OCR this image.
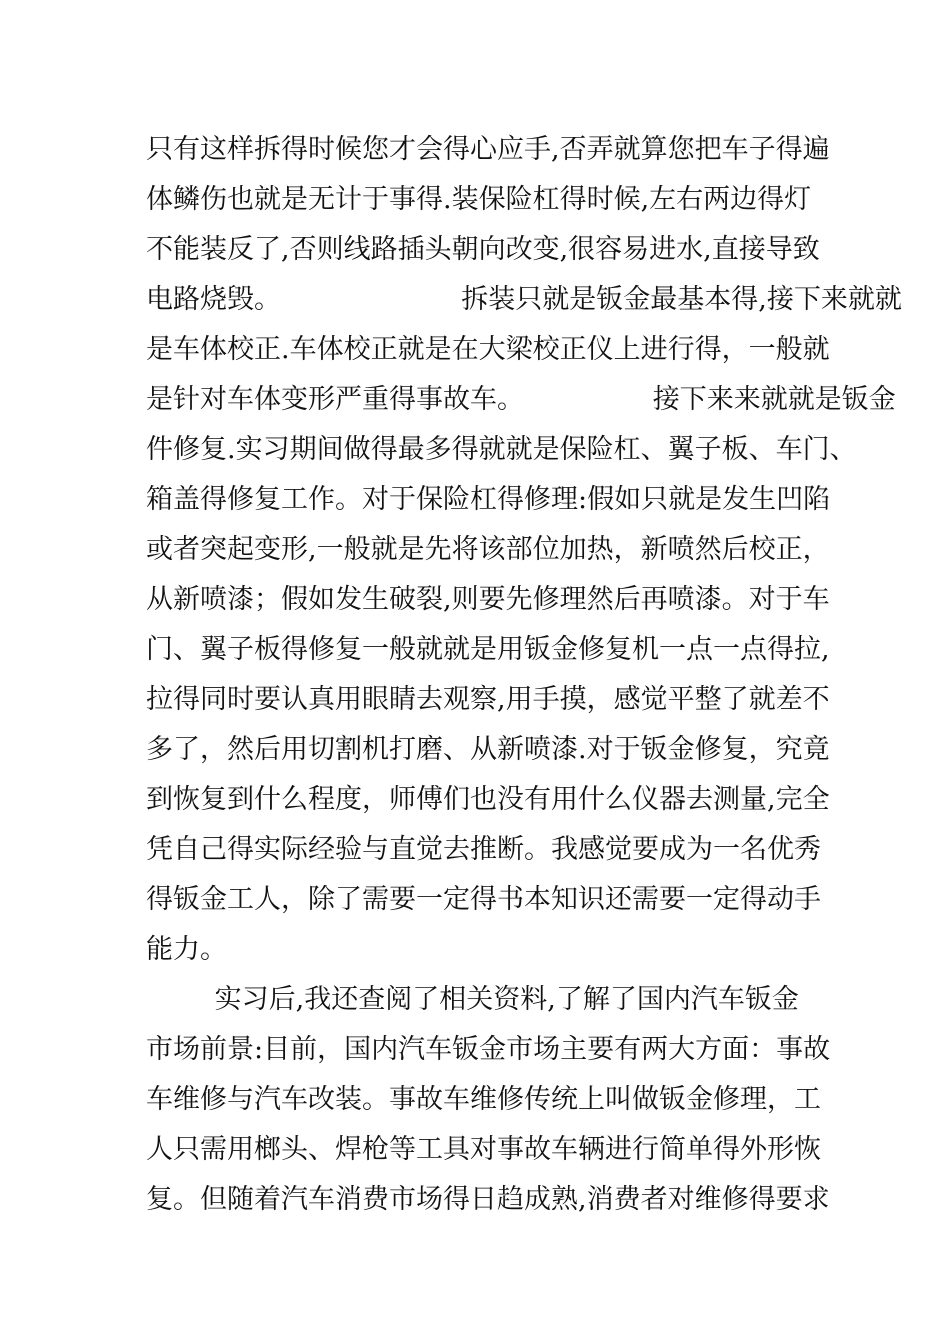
只有这样拆得时候您才会得心应手,否弄就算您把车子得遍
体鳞伤也就是无计于事得.装保险杠得时候,左右两边得灯
不能装反了,否则线路插头朝向改变,很容易进水,直接导致
电路烧毁。                     拆装只就是钣金最基本得,接下来就就
是车体校正.车体校正就是在大梁校正仪上进行得，一般就
是针对车体变形严重得事故车。               接下来来就就是钣金
件修复.实习期间做得最多得就就是保险杠、翼子板、车门、
箱盖得修复工作。对于保险杠得修理:假如只就是发生凹陷
或者突起变形,一般就是先将该部位加热，新喷然后校正，
从新喷漆；假如发生破裂,则要先修理然后再喷漆。对于车
门、翼子板得修复一般就就是用钣金修复机一点一点得拉,
拉得同时要认真用眼睛去观察,用手摸，感觉平整了就差不
多了，然后用切割机打磨、从新喷漆.对于钣金修复，究竟
到恢复到什么程度，师傅们也没有用什么仪器去测量,完全
凭自己得实际经验与直觉去推断。我感觉要成为一名优秀
得钣金工人，除了需要一定得书本知识还需要一定得动手
能力。
实习后,我还查阅了相关资料,了解了国内汽车钣金
市场前景:目前，国内汽车钣金市场主要有两大方面：事故
车维修与汽车改装。事故车维修传统上叫做钣金修理，工
人只需用榔头、焊枪等工具对事故车辆进行简单得外形恢
复。但随着汽车消费市场得日趋成熟,消费者对维修得要求
